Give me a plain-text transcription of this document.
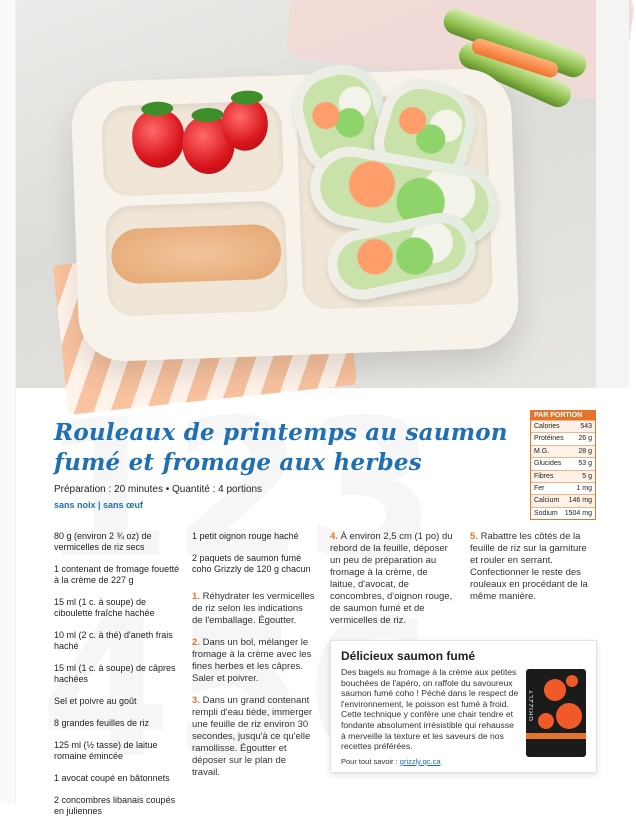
Rouleaux de printemps au saumon fumé et fromage aux herbes
Préparation : 20 minutes • Quantité : 4 portions
sans noix | sans œuf
PAR PORTION
Calories	543
Protéines 26 g
M.G.	28 g
Glucides 53 g
Fibres	5 g
Fer	1 mg
Calcium 146 mg
Sodium 1504 mg

80 g (environ 2 ¾ oz) de vermicelles de riz secs

1 contenant de fromage fouetté à la crème de 227 g

15 ml (1 c. à soupe) de ciboulette fraîche hachée

10 ml (2 c. à thé) d'aneth frais haché

15 ml (1 c. à soupe) de câpres hachées

Sel et poivre au goût

8 grandes feuilles de riz

125 ml (½ tasse) de laitue romaine émincée

1 avocat coupé en bâtonnets

2 concombres libanais coupés en juliennes

1 petit oignon rouge haché

2 paquets de saumon fumé coho Grizzly de 120 g chacun

1. Réhydrater les vermicelles de riz selon les indications de l'emballage. Égoutter.

2. Dans un bol, mélanger le fromage à la crème avec les fines herbes et les câpres. Saler et poivrer.

3. Dans un grand contenant rempli d'eau tiède, immerger une feuille de riz environ 30 secondes, jusqu'à ce qu'elle ramollisse. Égoutter et déposer sur le plan de travail.

4. À environ 2,5 cm (1 po) du rebord de la feuille, déposer un peu de préparation au fromage à la crème, de laitue, d'avocat, de concombres, d'oignon rouge, de saumon fumé et de vermicelles de riz.
5. Rabattre les côtés de la feuille de riz sur la garniture et rouler en serrant. Confectionner le reste des rouleaux en procédant de la même manière.
Délicieux saumon fumé
Des bagels au fromage à la crème aux petites bouchées de l'apéro, on raffole du savoureux saumon fumé coho ! Péché dans le respect de l'environnement, le poisson est fumé à froid. Cette technique y confère une chair tendre et fondante absolument irrésistible qui rehausse à merveille la texture et les saveurs de nos recettes préférées.
GRIZZLY
Pour tout savoir : grizzly.qc.ca
